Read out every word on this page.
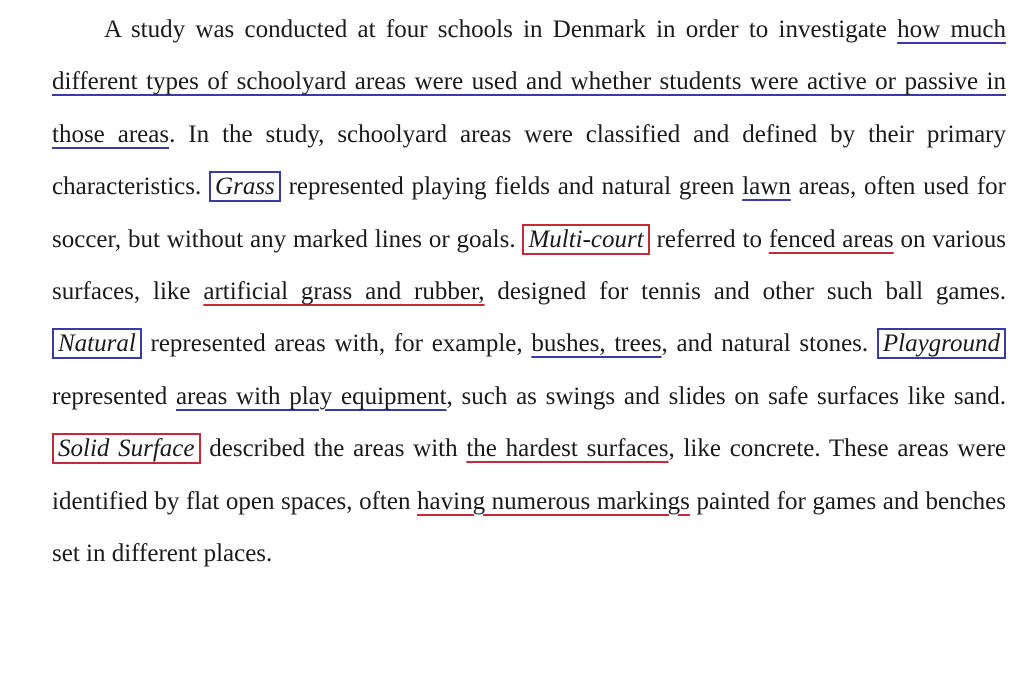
A study was conducted at four schools in Denmark in order to investigate how much different types of schoolyard areas were used and whether students were active or passive in those areas. In the study, schoolyard areas were classified and defined by their primary characteristics. Grass represented playing fields and natural green lawn areas, often used for soccer, but without any marked lines or goals. Multi-court referred to fenced areas on various surfaces, like artificial grass and rubber, designed for tennis and other such ball games. Natural represented areas with, for example, bushes, trees, and natural stones. Playground represented areas with play equipment, such as swings and slides on safe surfaces like sand. Solid Surface described the areas with the hardest surfaces, like concrete. These areas were identified by flat open spaces, often having numerous markings painted for games and benches set in different places.
